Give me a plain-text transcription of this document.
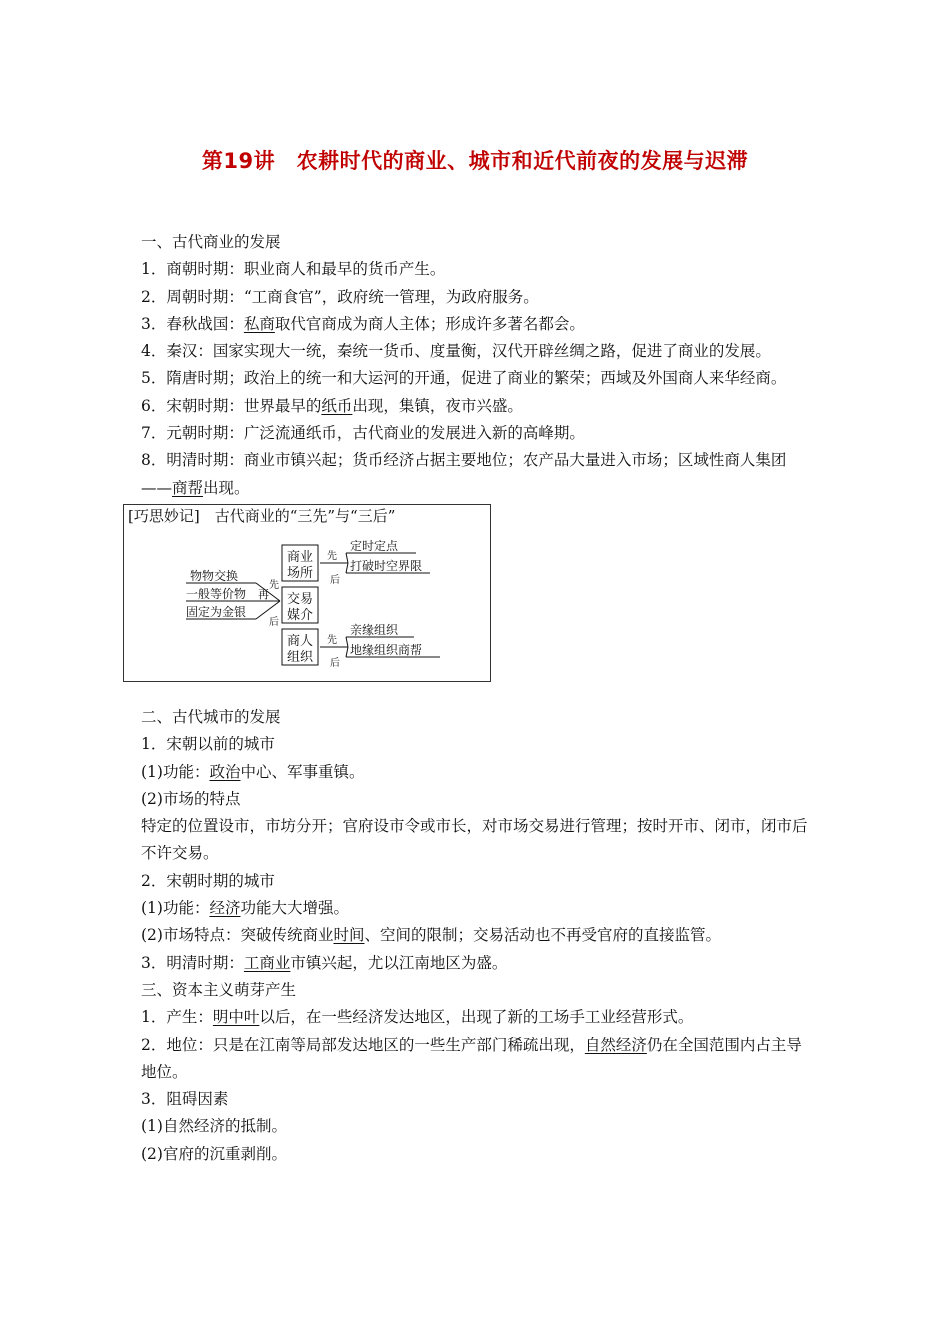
第19讲　农耕时代的商业、城市和近代前夜的发展与迟滞
一、古代商业的发展
1．商朝时期：职业商人和最早的货币产生。
2．周朝时期：“工商食官”，政府统一管理，为政府服务。
3．春秋战国：私商取代官商成为商人主体；形成许多著名都会。
4．秦汉：国家实现大一统，秦统一货币、度量衡，汉代开辟丝绸之路，促进了商业的发展。
5．隋唐时期；政治上的统一和大运河的开通，促进了商业的繁荣；西域及外国商人来华经商。
6．宋朝时期：世界最早的纸币出现，集镇，夜市兴盛。
7．元朝时期：广泛流通纸币，古代商业的发展进入新的高峰期。
8．明清时期：商业市镇兴起；货币经济占据主要地位；农产品大量进入市场；区域性商人集团——商帮出现。
[巧思妙记]　古代商业的“三先”与“三后”
商业
场所
交易
媒介
商人
组织
物物交换
一般等价物 再
固定为金银
先
后
定时定点
打破时空界限
亲缘组织
地缘组织商帮
先
后
先
后
二、古代城市的发展
1．宋朝以前的城市
(1)功能：政治中心、军事重镇。
(2)市场的特点
特定的位置设市，市坊分开；官府设市令或市长，对市场交易进行管理；按时开市、闭市，闭市后不许交易。
2．宋朝时期的城市
(1)功能：经济功能大大增强。
(2)市场特点：突破传统商业时间、空间的限制；交易活动也不再受官府的直接监管。
3．明清时期：工商业市镇兴起，尤以江南地区为盛。
三、资本主义萌芽产生
1．产生：明中叶以后，在一些经济发达地区，出现了新的工场手工业经营形式。
2．地位：只是在江南等局部发达地区的一些生产部门稀疏出现，自然经济仍在全国范围内占主导地位。
3．阻碍因素
(1)自然经济的抵制。
(2)官府的沉重剥削。
